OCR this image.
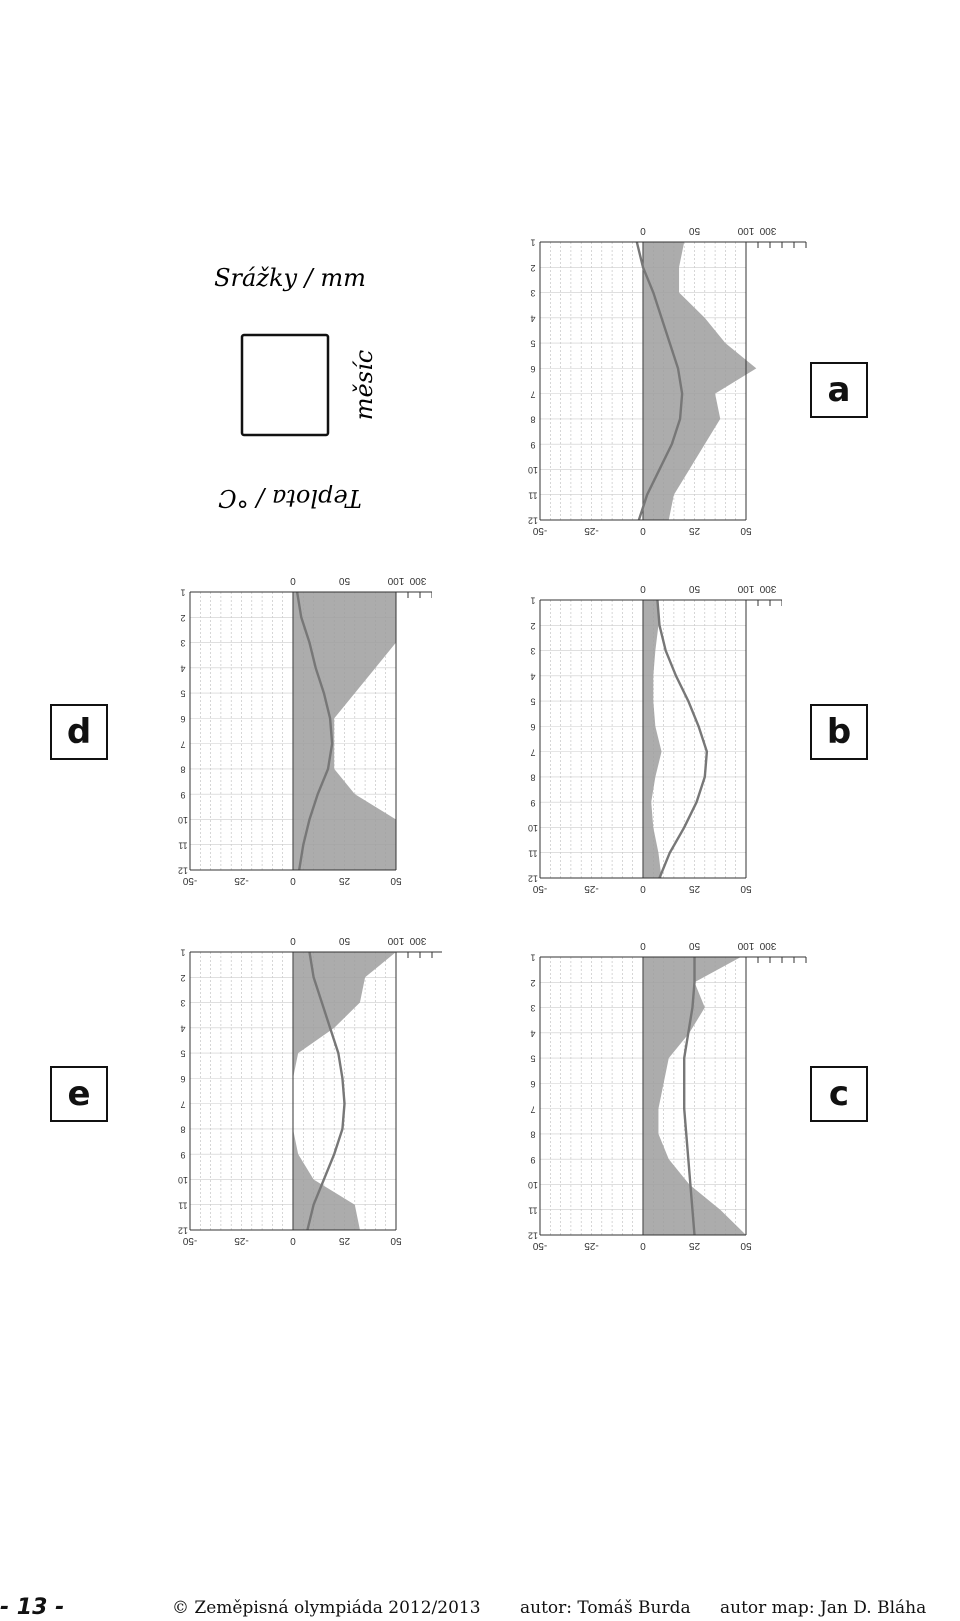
Srážky / mm
měsíc
Teplota / °C
1
2
3
4
5
6
7
8
9
10
11
12
-50	-25	0	25	50
0	50	100 300
1
2
3
4
5
6
7
8
9
10
11
12
-50	-25	0	25	50
0	50	100 300
1
2
3
4
5
6
7
8
9
10
11
12
-50	-25	0	25	50
0	50	100 300
1
2
3
4
5
6
7
8
9
10
11
12
-50	-25	0	25	50
0	50	100 300
1
2
3
4
5
6
7
8
9
10
11
12
-50	-25	0	25	50
0	50	100 300
a
b
c
d
e
- 13 -	© Zeměpisná olympiáda 2012/2013 autor: Tomáš Burda autor map: Jan D. Bláha
